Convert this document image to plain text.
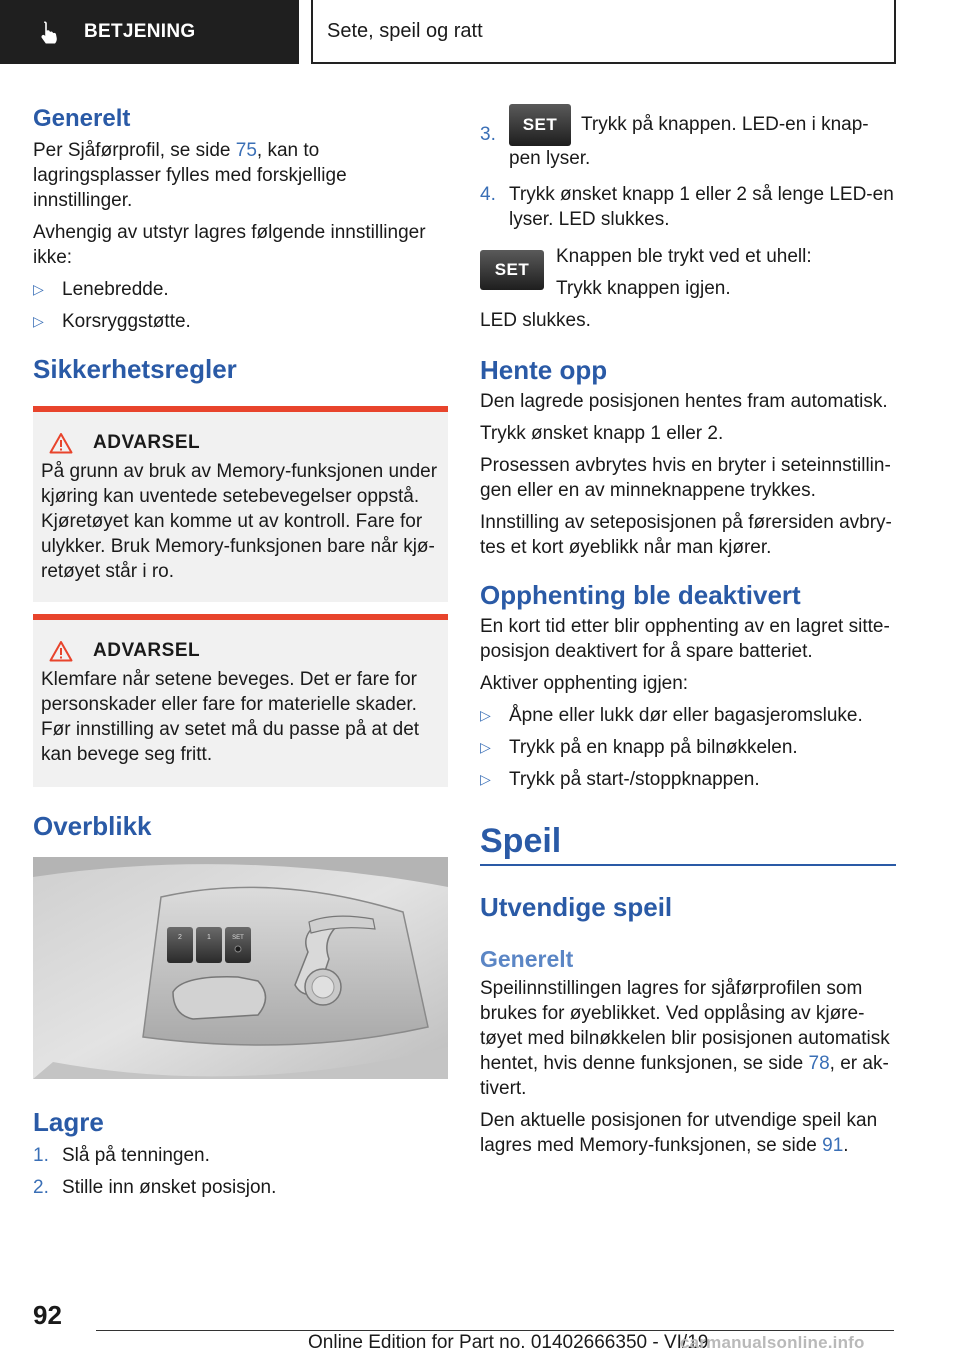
BETJENING	Sete, speil og ratt
Generelt

Per Sjåførprofil, se side 75, kan to lagringsplasser fylles med forskjellige innstillinger.

Avhengig av utstyr lagres følgende innstillinger ikke:

▷ Lenebredde.
▷ Korsryggstøtte.
Sikkerhetsregler
ADVARSEL

På grunn av bruk av Memory-funksjonen under kjøring kan uventede setebevegelser oppstå. Kjøretøyet kan komme ut av kontroll. Fare for ulykker. Bruk Memory-funksjonen bare når kjø-retøyet står i ro.

ADVARSEL

Klemfare når setene beveges. Det er fare for personskader eller fare for materielle skader. Før innstilling av setet må du passe på at det kan bevege seg fritt.

Overblikk
2	1	SET
Lagre
1. Slå på tenningen.
2. Stille inn ønsket posisjon.
3. SET Trykk på knappen. LED-en i knap-pen lyser.
4. Trykk ønsket knapp 1 eller 2 så lenge LED-en lyser. LED slukkes.
SET

Knappen ble trykt ved et uhell:

Trykk knappen igjen.

LED slukkes.

Hente opp

Den lagrede posisjonen hentes fram automatisk.

Trykk ønsket knapp 1 eller 2.

Prosessen avbrytes hvis en bryter i seteinnstillin-gen eller en av minneknappene trykkes.

Innstilling av seteposisjonen på førersiden avbry-tes et kort øyeblikk når man kjører.

Opphenting ble deaktivert

En kort tid etter blir opphenting av en lagret sitte-posisjon deaktivert for å spare batteriet.

Aktiver opphenting igjen:

▷ Åpne eller lukk dør eller bagasjeromsluke.
▷ Trykk på en knapp på bilnøkkelen.
▷ Trykk på start-/stoppknappen.
Speil
Utvendige speil
Generelt

Speilinnstillingen lagres for sjåførprofilen som brukes for øyeblikket. Ved opplåsing av kjøre-tøyet med bilnøkkelen blir posisjonen automatisk hentet, hvis denne funksjonen, se side 78, er ak-tivert.

Den aktuelle posisjonen for utvendige speil kan lagres med Memory-funksjonen, se side 91.

92
Online Edition for Part no. 01402666350 - VI/19
carmanualsonline.info
